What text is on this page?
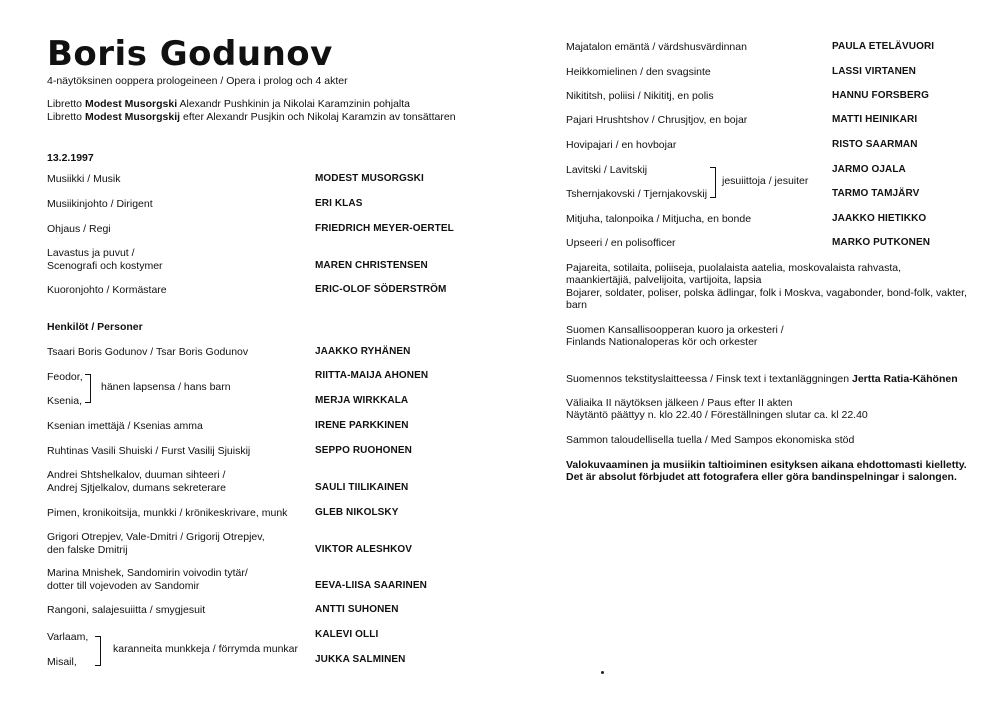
Boris Godunov
4-näytöksinen ooppera prologeineen / Opera i prolog och 4 akter
Libretto Modest Musorgski Alexandr Pushkinin ja Nikolai Karamzinin pohjalta
Libretto Modest Musorgskij efter Alexandr Pusjkin och Nikolaj Karamzin av tonsättaren
13.2.1997
Musiikki / Musik	MODEST MUSORGSKI
Musiikinjohto / Dirigent	ERI KLAS
Ohjaus / Regi	FRIEDRICH MEYER-OERTEL
Lavastus ja puvut /
Scenografi och kostymer	MAREN CHRISTENSEN
Kuoronjohto / Kormästare	ERIC-OLOF SÖDERSTRÖM
Henkilöt / Personer
Tsaari Boris Godunov / Tsar Boris Godunov	JAAKKO RYHÄNEN
Feodor,	RIITTA-MAIJA AHONEN
hänen lapsensa / hans barn
Ksenia,	MERJA WIRKKALA
Ksenian imettäjä / Ksenias amma	IRENE PARKKINEN
Ruhtinas Vasili Shuiski / Furst Vasilij Sjuiskij	SEPPO RUOHONEN
Andrei Shtshelkalov, duuman sihteeri /
Andrej Sjtjelkalov, dumans sekreterare	SAULI TIILIKAINEN
Pimen, kronikoitsija, munkki / krönikeskrivare, munk	GLEB NIKOLSKY
Grigori Otrepjev, Vale-Dmitri / Grigorij Otrepjev,
den falske Dmitrij	VIKTOR ALESHKOV
Marina Mnishek, Sandomirin voivodin tytär/
dotter till vojevoden av Sandomir	EEVA-LIISA SAARINEN
Rangoni, salajesuiitta / smygjesuit	ANTTI SUHONEN
Varlaam,	KALEVI OLLI
karanneita munkkeja / förrymda munkar
Misail,	JUKKA SALMINEN
Majatalon emäntä / värdshusvärdinnan	PAULA ETELÄVUORI
Heikkomielinen / den svagsinte	LASSI VIRTANEN
Nikititsh, poliisi / Nikititj, en polis	HANNU FORSBERG
Pajari Hrushtshov / Chrusjtjov, en bojar	MATTI HEINIKARI
Hovipajari / en hovbojar	RISTO SAARMAN
Lavitski / Lavitskij	JARMO OJALA
jesuiittoja / jesuiter
Tshernjakovski / Tjernjakovskij	TARMO TAMJÄRV
Mitjuha, talonpoika / Mitjucha, en bonde	JAAKKO HIETIKKO
Upseeri / en polisofficer	MARKO PUTKONEN
Pajareita, sotilaita, poliiseja, puolalaista aatelia, moskovalaista rahvasta,
maankiertäjiä, palvelijoita, vartijoita, lapsia
Bojarer, soldater, poliser, polska ädlingar, folk i Moskva, vagabonder, bond-folk, vakter,
barn
Suomen Kansallisoopperan kuoro ja orkesteri /
Finlands Nationaloperas kör och orkester
Suomennos tekstityslaitteessa / Finsk text i textanläggningen Jertta Ratia-Kähönen
Väliaika II näytöksen jälkeen / Paus efter II akten
Näytäntö päättyy n. klo 22.40 / Föreställningen slutar ca. kl 22.40
Sammon taloudellisella tuella / Med Sampos ekonomiska stöd
Valokuvaaminen ja musiikin taltioiminen esityksen aikana ehdottomasti kielletty.
Det är absolut förbjudet att fotografera eller göra bandinspelningar i salongen.
